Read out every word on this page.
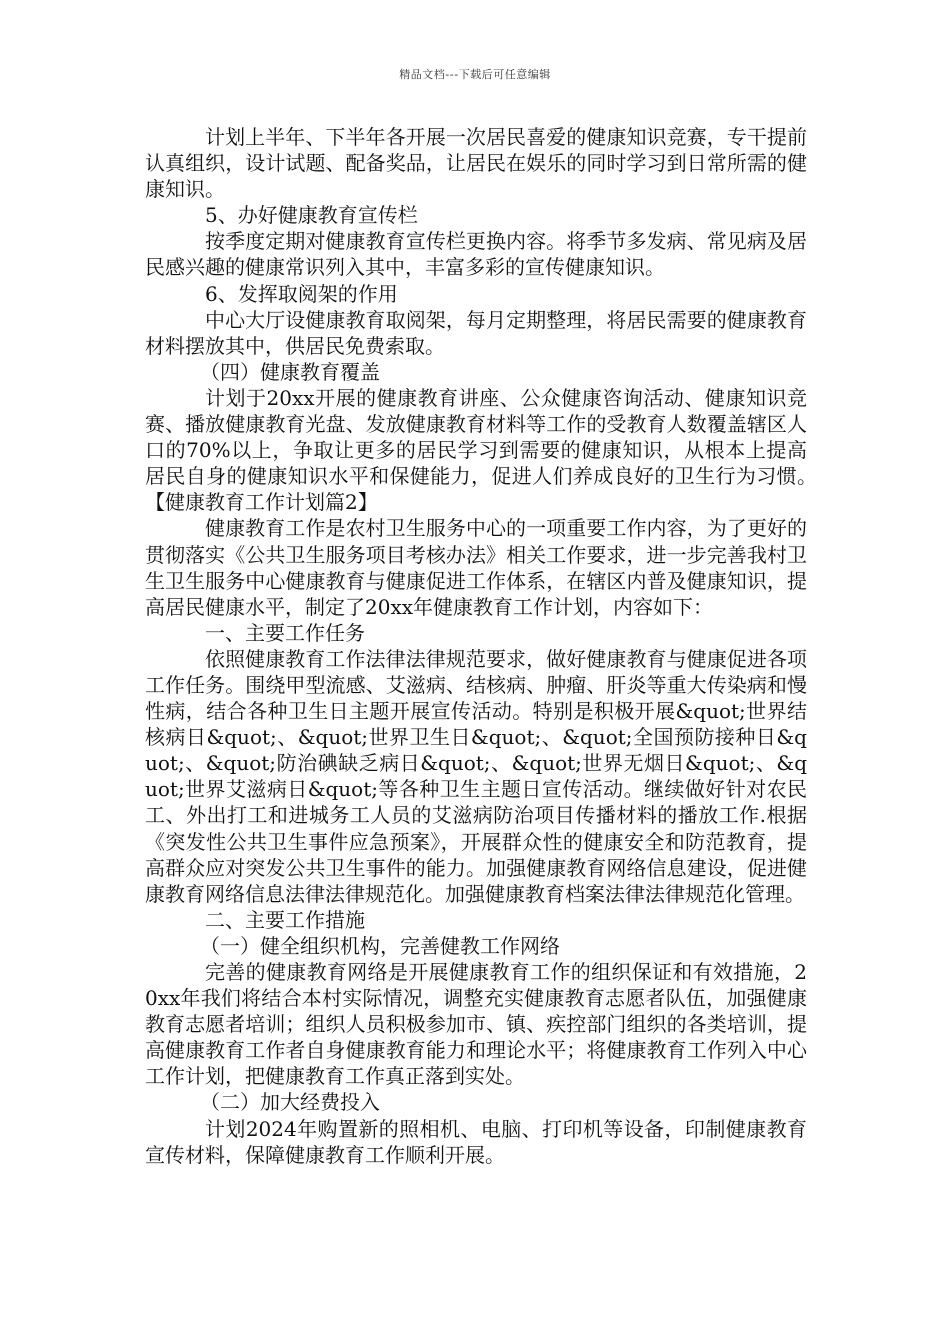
精品文档---下载后可任意编辑

计划上半年、下半年各开展一次居民喜爱的健康知识竞赛，专干提前认真组织，设计试题、配备奖品，让居民在娱乐的同时学习到日常所需的健康知识。

5、办好健康教育宣传栏

按季度定期对健康教育宣传栏更换内容。将季节多发病、常见病及居民感兴趣的健康常识列入其中，丰富多彩的宣传健康知识。

6、发挥取阅架的作用

中心大厅设健康教育取阅架，每月定期整理，将居民需要的健康教育材料摆放其中，供居民免费索取。

（四）健康教育覆盖

计划于20xx开展的健康教育讲座、公众健康咨询活动、健康知识竞赛、播放健康教育光盘、发放健康教育材料等工作的受教育人数覆盖辖区人口的70%以上，争取让更多的居民学习到需要的健康知识，从根本上提高居民自身的健康知识水平和保健能力，促进人们养成良好的卫生行为习惯。　　【健康教育工作计划篇2】

健康教育工作是农村卫生服务中心的一项重要工作内容，为了更好的贯彻落实《公共卫生服务项目考核办法》相关工作要求，进一步完善我村卫生卫生服务中心健康教育与健康促进工作体系，在辖区内普及健康知识，提高居民健康水平，制定了20xx年健康教育工作计划，内容如下：

一、主要工作任务

依照健康教育工作法律法律规范要求，做好健康教育与健康促进各项工作任务。围绕甲型流感、艾滋病、结核病、肿瘤、肝炎等重大传染病和慢性病，结合各种卫生日主题开展宣传活动。特别是积极开展&quot;世界结核病日&quot;、&quot;世界卫生日&quot;、&quot;全国预防接种日&quot;、&quot;防治碘缺乏病日&quot;、&quot;世界无烟日&quot;、&quot;世界艾滋病日&quot;等各种卫生主题日宣传活动。继续做好针对农民工、外出打工和进城务工人员的艾滋病防治项目传播材料的播放工作.根据《突发性公共卫生事件应急预案》，开展群众性的健康安全和防范教育，提高群众应对突发公共卫生事件的能力。加强健康教育网络信息建设，促进健康教育网络信息法律法律规范化。加强健康教育档案法律法律规范化管理。

二、主要工作措施

（一）健全组织机构，完善健教工作网络

完善的健康教育网络是开展健康教育工作的组织保证和有效措施，20xx年我们将结合本村实际情况，调整充实健康教育志愿者队伍，加强健康教育志愿者培训；组织人员积极参加市、镇、疾控部门组织的各类培训，提高健康教育工作者自身健康教育能力和理论水平；将健康教育工作列入中心工作计划，把健康教育工作真正落到实处。

（二）加大经费投入

计划2024年购置新的照相机、电脑、打印机等设备，印制健康教育宣传材料，保障健康教育工作顺利开展。
